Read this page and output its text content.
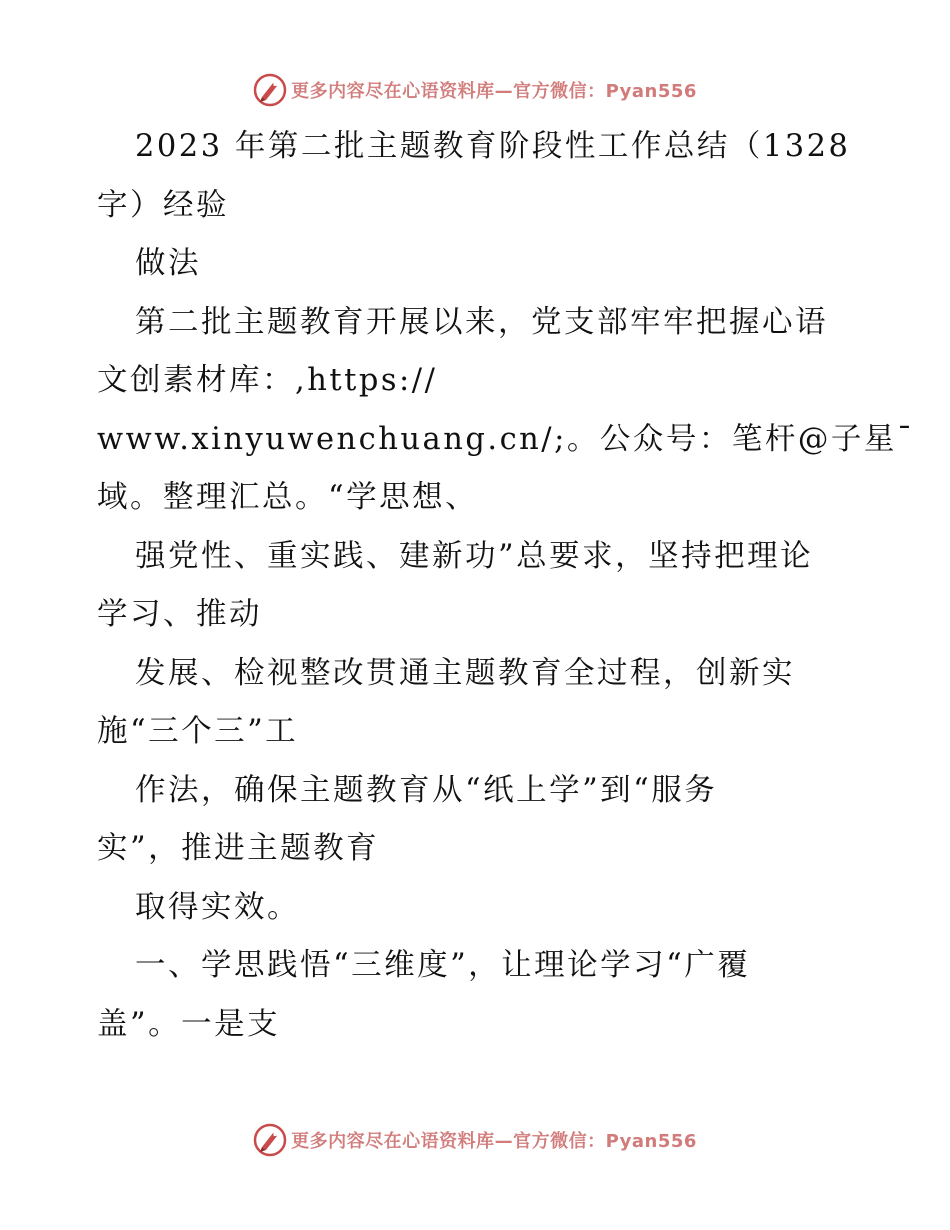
更多内容尽在心语资料库—官方微信：Pyan556
2023 年第二批主题教育阶段性工作总结（1328
字）经验
做法
第二批主题教育开展以来，党支部牢牢把握心语
文创素材库：,https://
www.xinyuwenchuang.cn/;。公众号：笔杆@子星¯
域。整理汇总。“学思想、
强党性、重实践、建新功”总要求，坚持把理论
学习、推动
发展、检视整改贯通主题教育全过程，创新实
施“三个三”工
作法，确保主题教育从“纸上学”到“服务
实”，推进主题教育
取得实效。
一、学思践悟“三维度”，让理论学习“广覆
盖”。一是支
更多内容尽在心语资料库—官方微信：Pyan556
